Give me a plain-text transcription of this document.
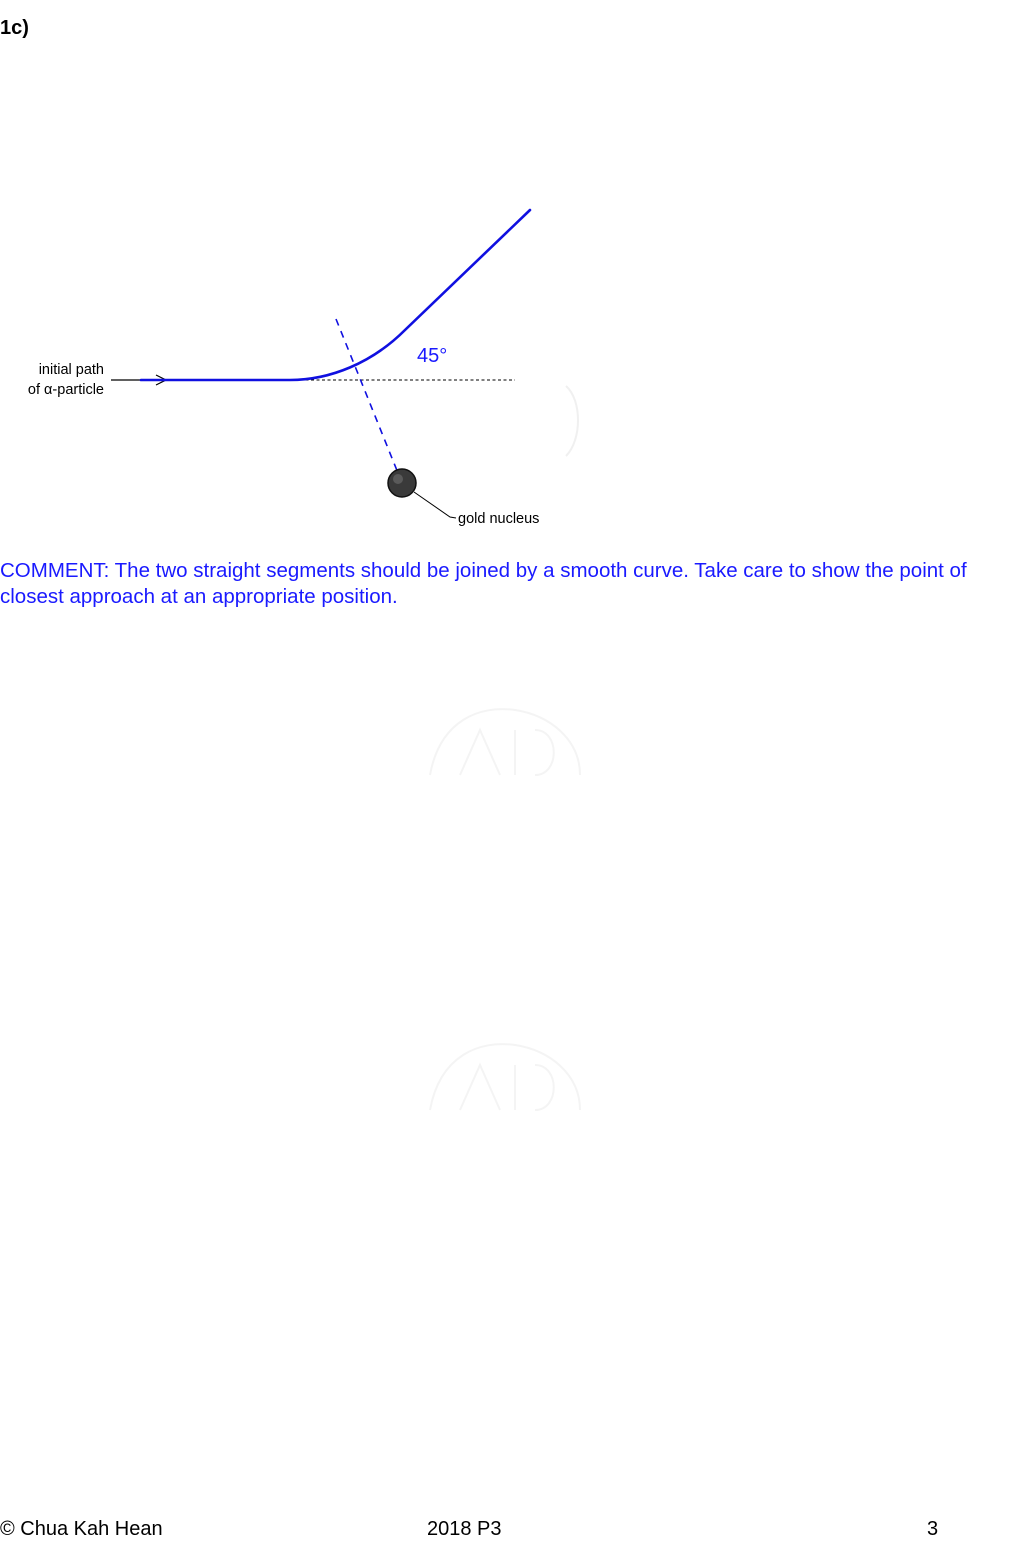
1c)
initial path
of α-particle
45°
gold nucleus
COMMENT: The two straight segments should be joined by a smooth curve. Take care to show the point of closest approach at an appropriate position.
© Chua Kah Hean	2018 P3	3
